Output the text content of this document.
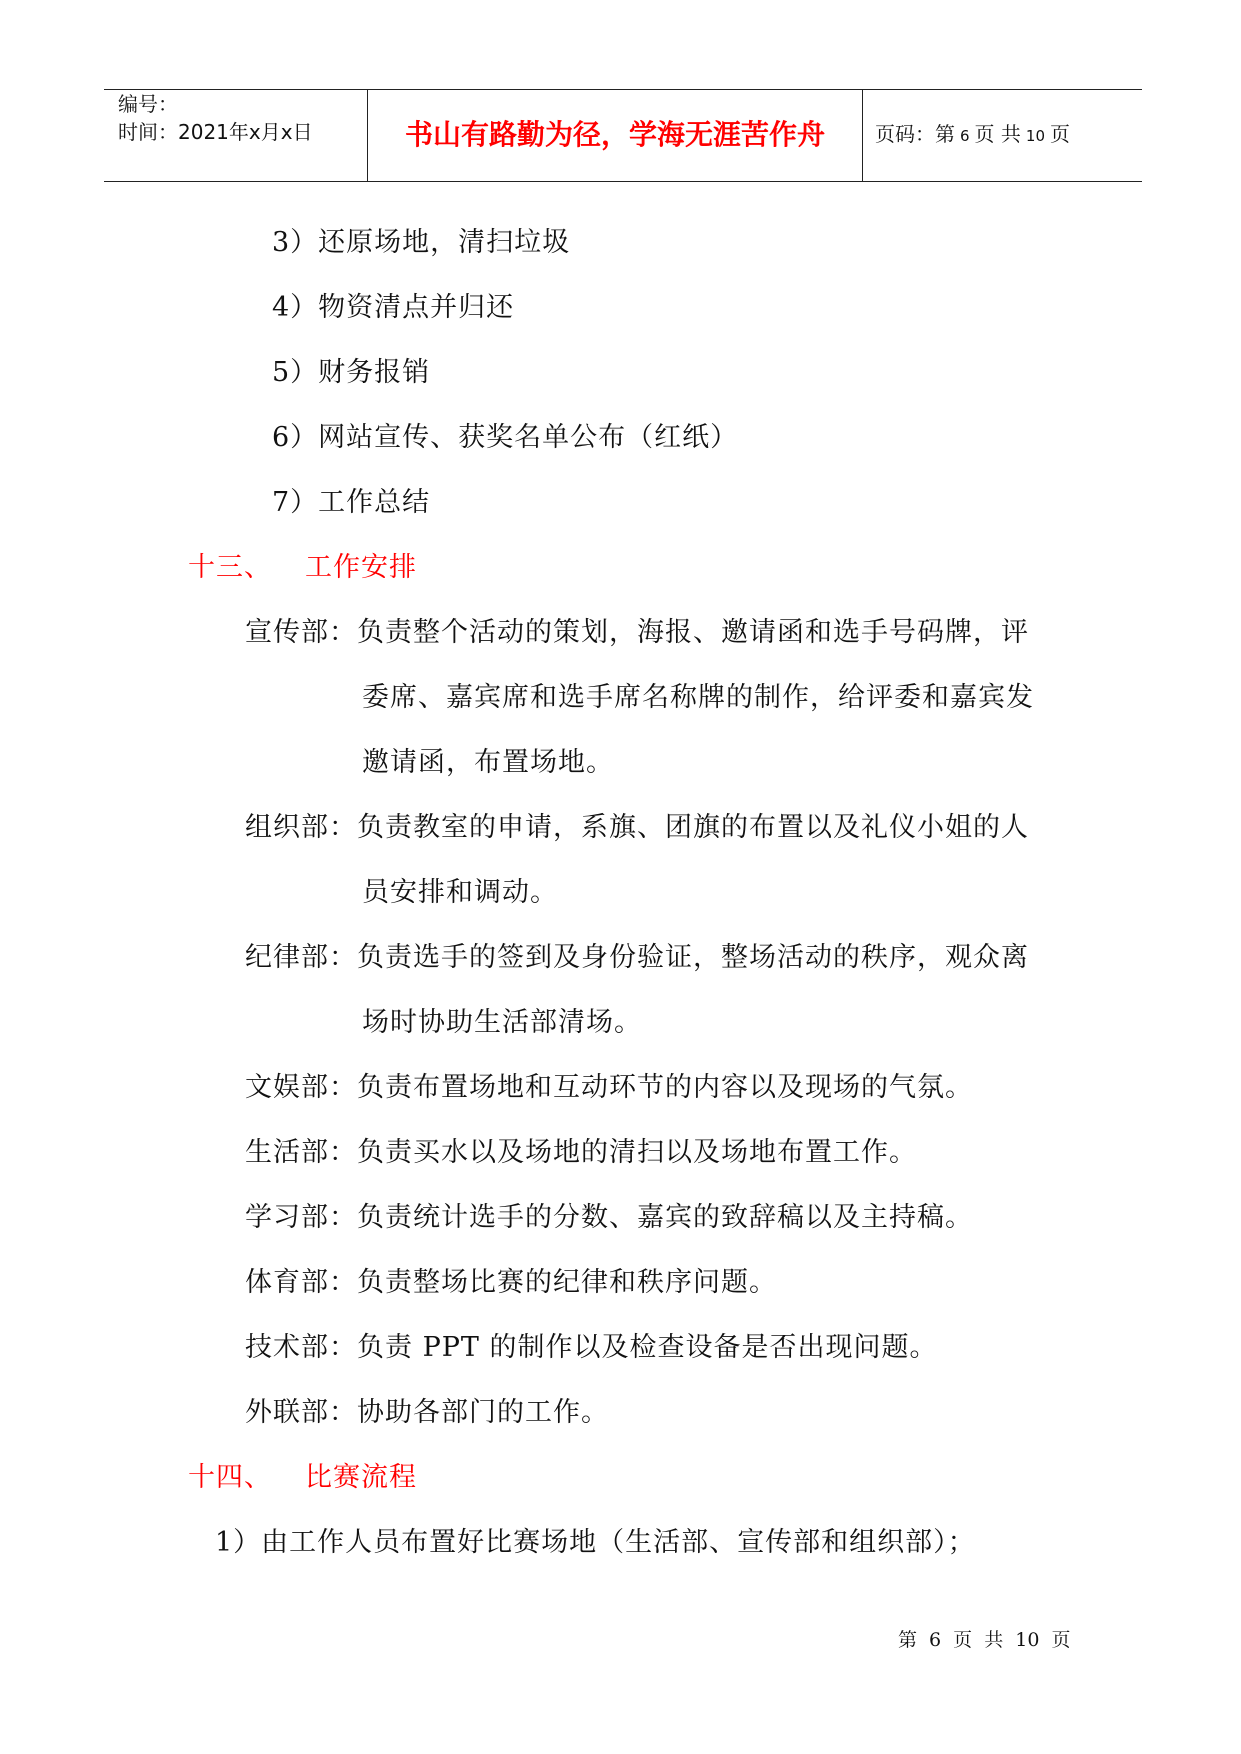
编号：
时间：2021年x月x日	书山有路勤为径，学海无涯苦作舟	页码：第 6 页 共 10 页
3）还原场地，清扫垃圾
4）物资清点并归还
5）财务报销
6）网站宣传、获奖名单公布（红纸）
7）工作总结
十三、 工作安排
宣传部：负责整个活动的策划，海报、邀请函和选手号码牌，评
委席、嘉宾席和选手席名称牌的制作，给评委和嘉宾发
邀请函，布置场地。
组织部：负责教室的申请，系旗、团旗的布置以及礼仪小姐的人
员安排和调动。
纪律部：负责选手的签到及身份验证，整场活动的秩序，观众离
场时协助生活部清场。
文娱部：负责布置场地和互动环节的内容以及现场的气氛。
生活部：负责买水以及场地的清扫以及场地布置工作。
学习部：负责统计选手的分数、嘉宾的致辞稿以及主持稿。
体育部：负责整场比赛的纪律和秩序问题。
技术部：负责 PPT 的制作以及检查设备是否出现问题。
外联部：协助各部门的工作。
十四、 比赛流程
1）由工作人员布置好比赛场地（生活部、宣传部和组织部）；
第 6 页 共 10 页
